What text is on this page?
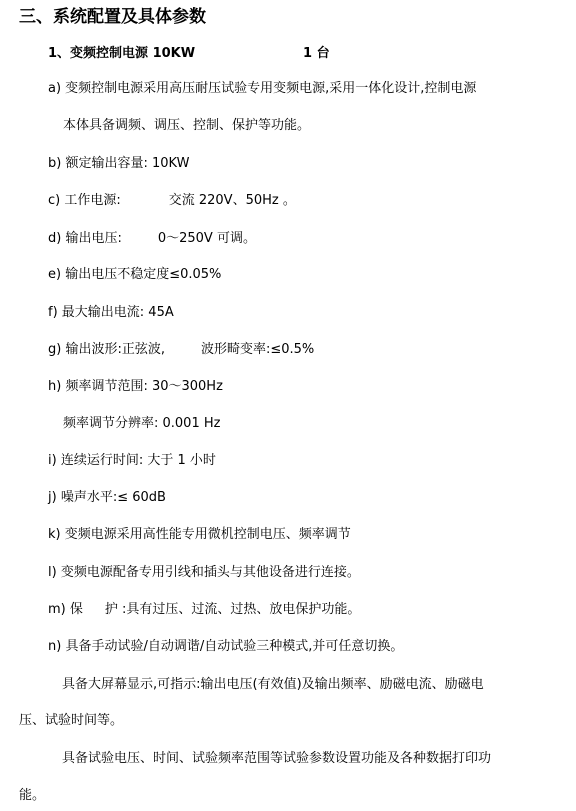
三、系统配置及具体参数
1、变频控制电源 10KW	1 台
a) 变频控制电源采用高压耐压试验专用变频电源,采用一体化设计,控制电源
本体具备调频、调压、控制、保护等功能。
b) 额定输出容量: 10KW
c) 工作电源:	交流 220V、50Hz 。
d) 输出电压:	0～250V 可调。
e) 输出电压不稳定度≤0.05%
f) 最大输出电流: 45A
g) 输出波形:正弦波,	波形畸变率:≤0.5%
h) 频率调节范围: 30～300Hz
频率调节分辨率: 0.001 Hz
i) 连续运行时间: 大于 1 小时
j) 噪声水平:≤ 60dB
k) 变频电源采用高性能专用微机控制电压、频率调节
l) 变频电源配备专用引线和插头与其他设备进行连接。
m) 保 护 :具有过压、过流、过热、放电保护功能。
n) 具备手动试验/自动调谐/自动试验三种模式,并可任意切换。
具备大屏幕显示,可指示:输出电压(有效值)及输出频率、励磁电流、励磁电
压、试验时间等。
具备试验电压、时间、试验频率范围等试验参数设置功能及各种数据打印功
能。
